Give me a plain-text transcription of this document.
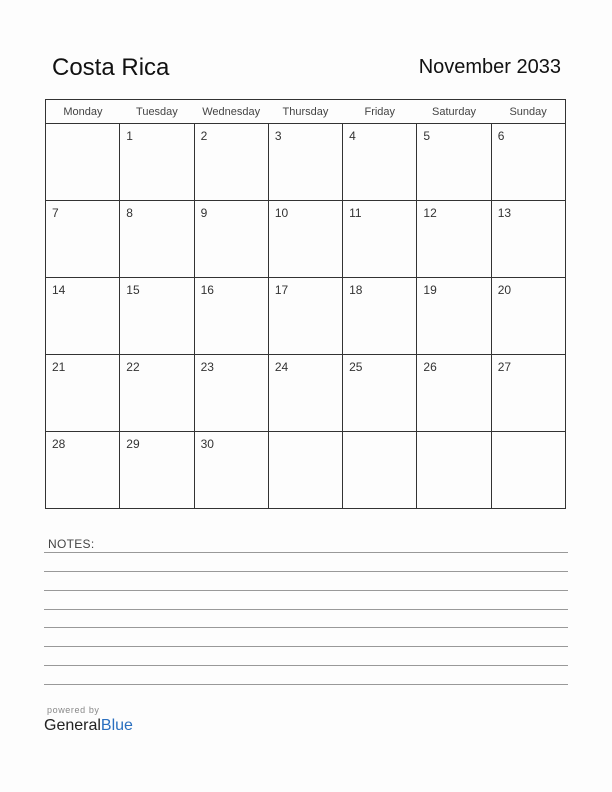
Costa Rica	November 2033
Monday	Tuesday	Wednesday	Thursday	Friday	Saturday	Sunday

	1	2	3	4	5	6

7	8	9	10	11	12	13

14	15	16	17	18	19	20

21	22	23	24	25	26	27

28	29	30				

NOTES:
powered by
GeneralBlue
